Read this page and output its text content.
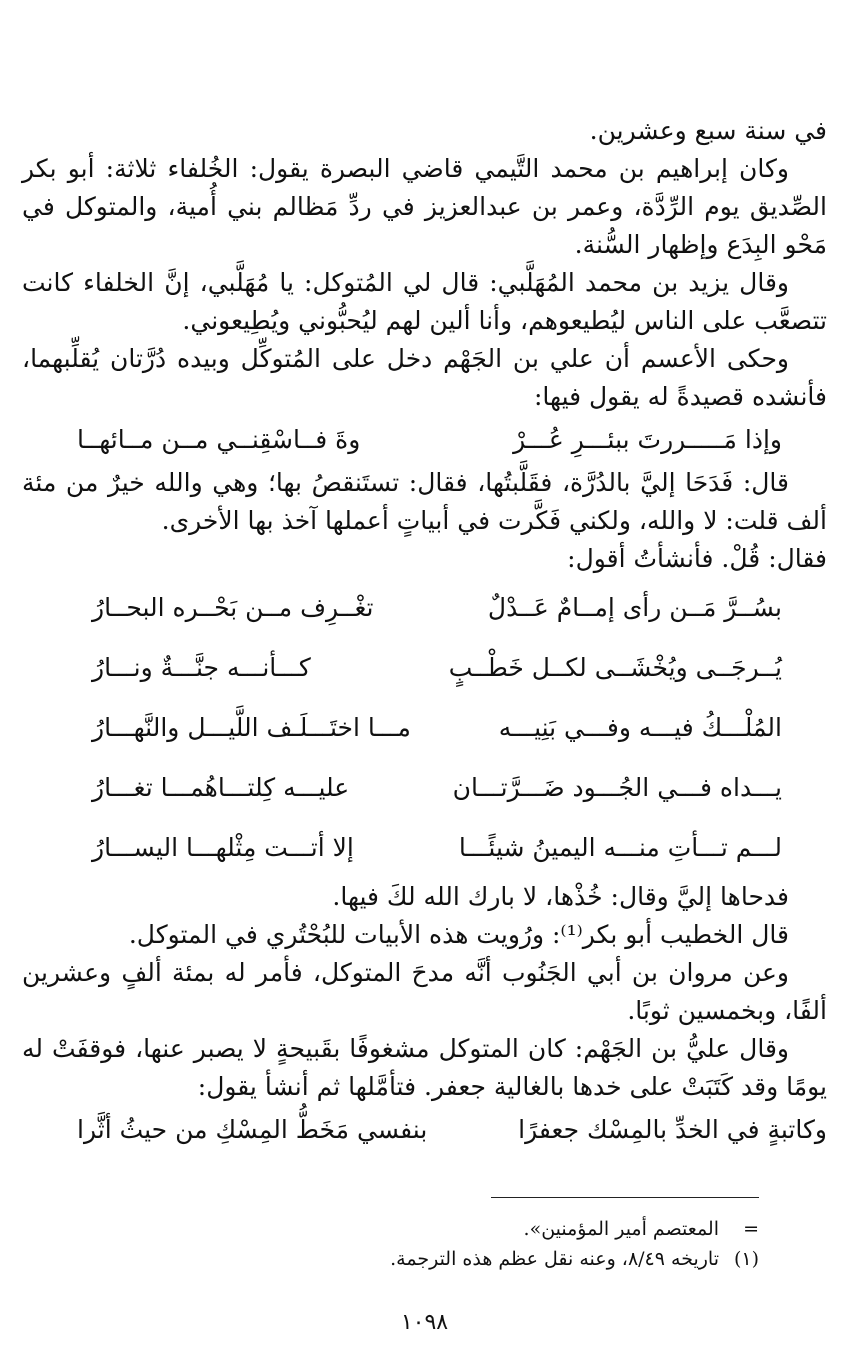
في سنة سبع وعشرين.

وكان إبراهيم بن محمد التَّيمي قاضي البصرة يقول: الخُلفاء ثلاثة: أبو بكر الصِّديق يوم الرِّدَّة، وعمر بن عبدالعزيز في ردِّ مَظالم بني أُمية، والمتوكل في مَحْو البِدَع وإظهار السُّنة.

وقال يزيد بن محمد المُهَلَّبي: قال لي المُتوكل: يا مُهَلَّبي، إنَّ الخلفاء كانت تتصعَّب على الناس ليُطيعوهم، وأنا ألين لهم ليُحبُّوني ويُطِيعوني.

وحكى الأعسم أن علي بن الجَهْم دخل على المُتوكِّل وبيده دُرَّتان يُقلِّبهما، فأنشده قصيدةً له يقول فيها:

وإذا مَـــــررتَ ببئـــرِ عُـــرْ
وةَ فــاسْقِنــي مــن مــائهــا

قال: فَدَحَا إليَّ بالدُرَّة، فقَلَّبتُها، فقال: تستَنقصُ بها؛ وهي والله خيرٌ من مئة ألف قلت: لا والله، ولكني فَكَّرت في أبياتٍ أعملها آخذ بها الأخرى.

فقال: قُلْ. فأنشأتُ أقول:

بسُــرَّ مَــن رأى إمــامٌ عَــدْلٌ
تغْــرِف مــن بَحْــره البحــارُ
يُــرجَــى ويُخْشَــى لكــل خَطْــبٍ
كـــأنـــه جنَّـــةٌ ونـــارُ
المُلْـــكُ فيـــه وفـــي بَنِيـــه
مـــا اختَـــلَـف اللَّيـــل والنَّهـــارُ
يـــداه فـــي الجُـــود ضَـــرَّتـــان
عليـــه كِلتـــاهُمـــا تغـــارُ
لـــم تـــأتِ منـــه اليمينُ شيئًـــا
إلا أتـــت مِثْلهـــا اليســـارُ

فدحاها إليَّ وقال: خُذْها، لا بارك الله لكَ فيها.

قال الخطيب أبو بكر⁽¹⁾: ورُويت هذه الأبيات للبُحْتُري في المتوكل.

وعن مروان بن أبي الجَنُوب أنَّه مدحَ المتوكل، فأمر له بمئة ألفٍ وعشرين ألفًا، وبخمسين ثوبًا.

وقال عليُّ بن الجَهْم: كان المتوكل مشغوفًا بقَبيحةٍ لا يصبر عنها، فوقفَتْ له يومًا وقد كَتَبَتْ على خدها بالغالية جعفر. فتأمَّلها ثم أنشأ يقول:

وكاتبةٍ في الخدِّ بالمِسْك جعفرًا
بنفسي مَخَطُّ المِسْكِ من حيثُ أثَّرا
=
المعتصم أمير المؤمنين».
(١)
تاريخه ٨/٤٩، وعنه نقل عظم هذه الترجمة.
١٠٩٨
